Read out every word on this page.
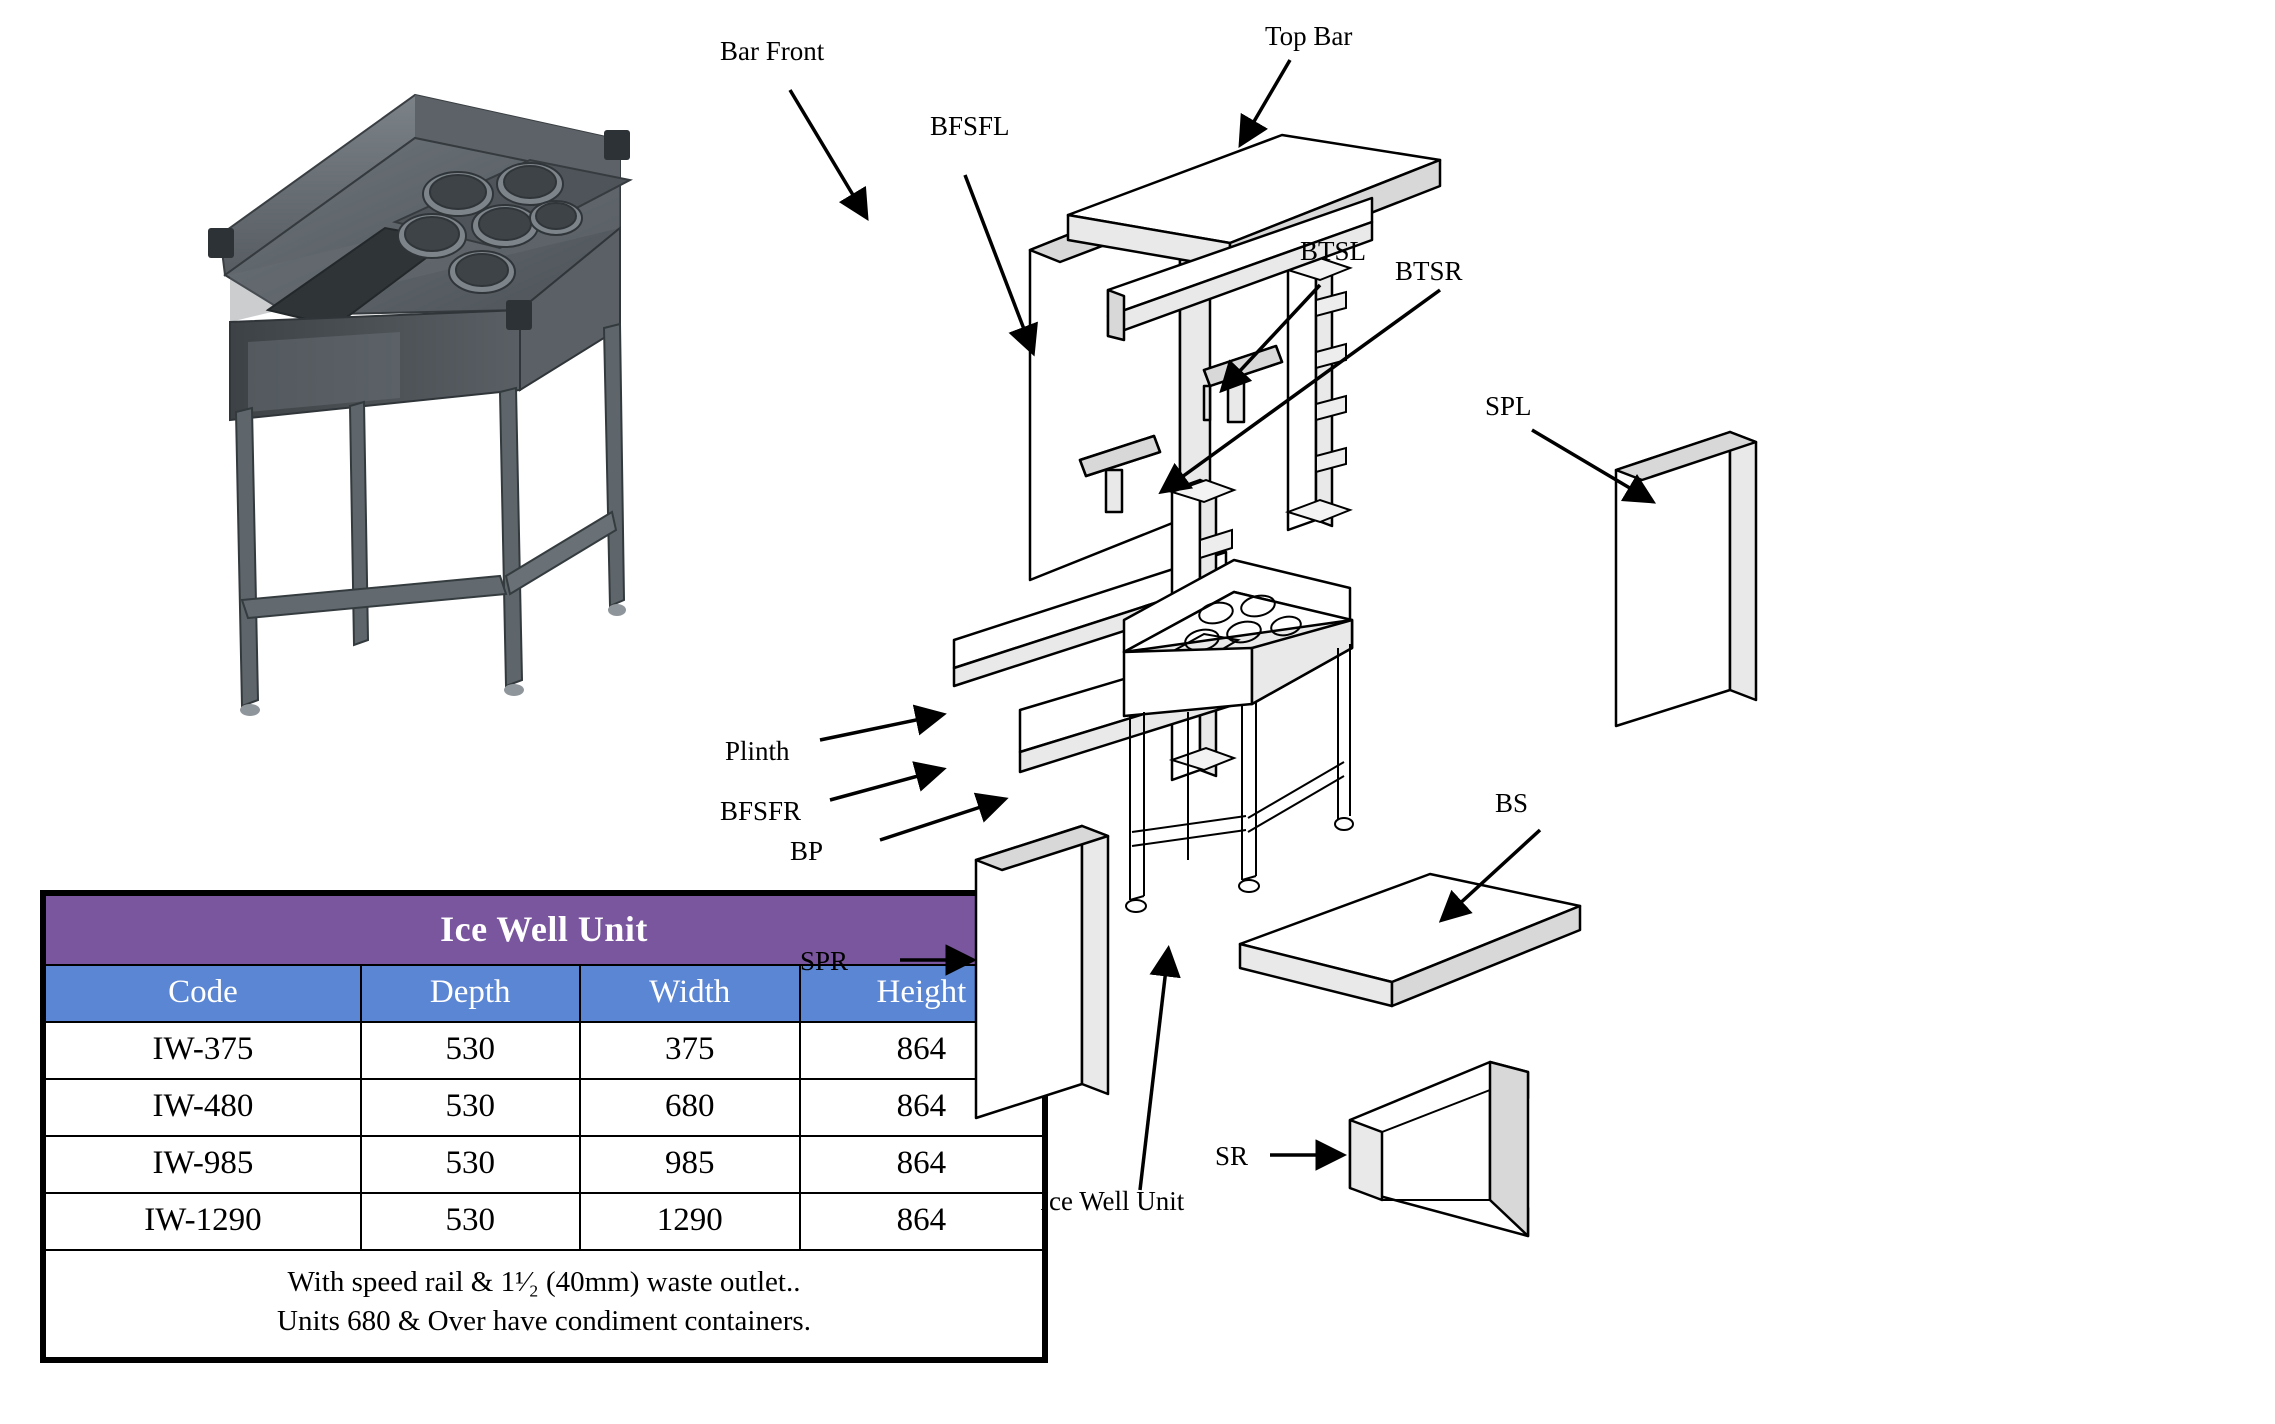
Ice Well Unit			
Code	Depth	Width	Height
IW-375	530	375	864
IW-480	530	680	864
IW-985	530	985	864
IW-1290	530	1290	864

With speed rail & 1¹⁄₂ (40mm) waste outlet..
Units 680 & Over have condiment containers.			
Bar Front
BFSFL
Top Bar
BTSL
BTSR
SPL
BS
Plinth
BFSFR
BP
SPR
Ice Well Unit
SR
